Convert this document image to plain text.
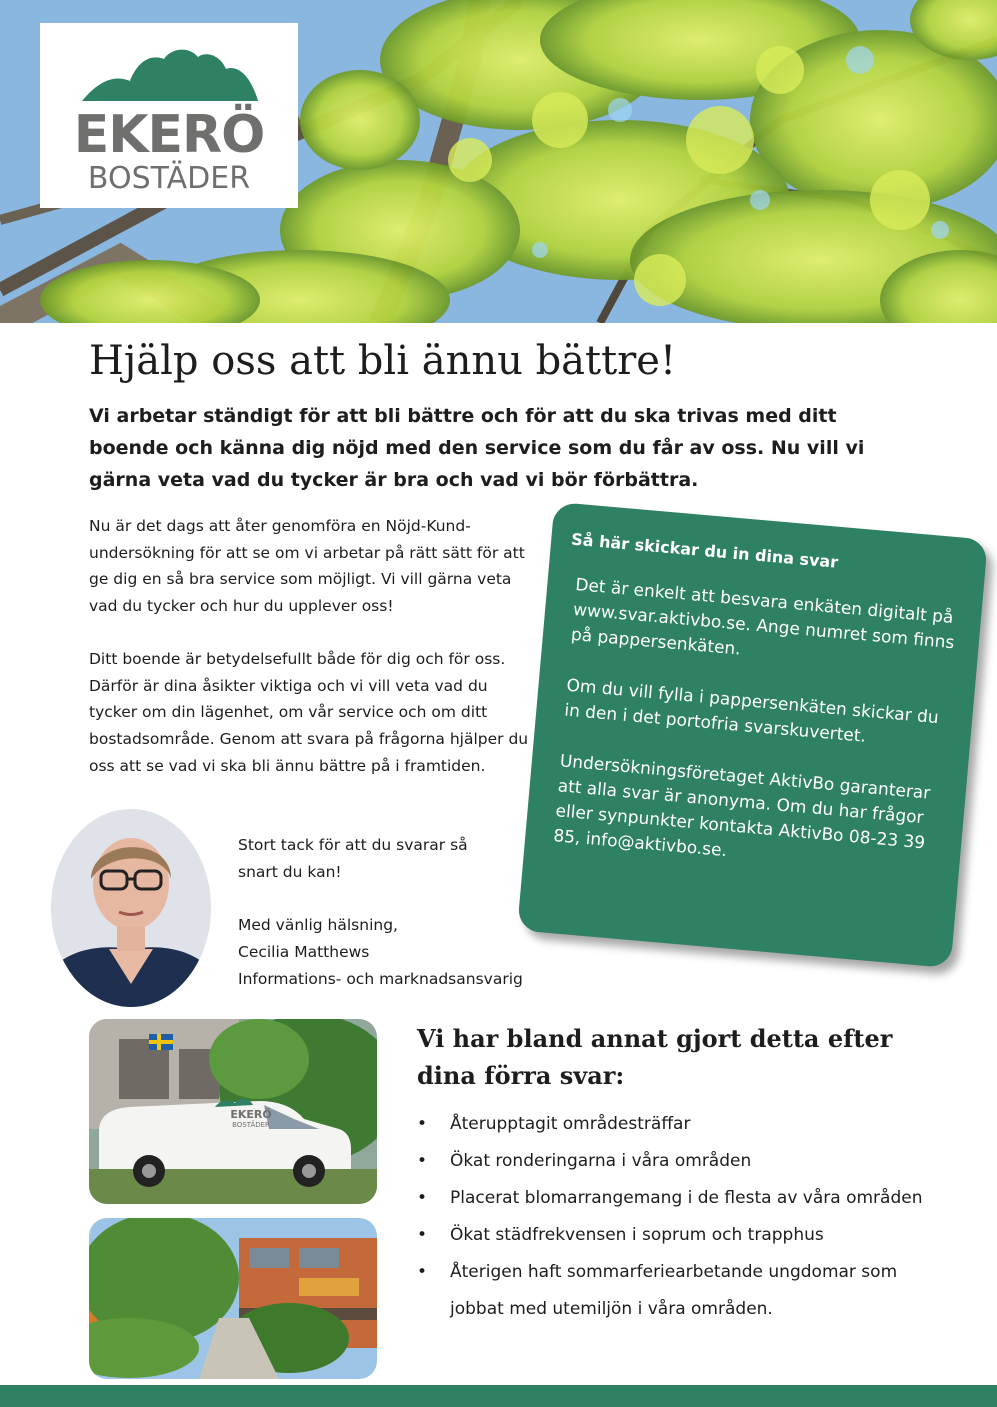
EKERÖ
BOSTÄDER
Hjälp oss att bli ännu bättre!

Vi arbetar ständigt för att bli bättre och för att du ska trivas med ditt boende och känna dig nöjd med den service som du får av oss. Nu vill vi gärna veta vad du tycker är bra och vad vi bör förbättra.

Nu är det dags att åter genomföra en Nöjd-Kund-undersökning för att se om vi arbetar på rätt sätt för att ge dig en så bra service som möjligt. Vi vill gärna veta vad du tycker och hur du upplever oss!

Ditt boende är betydelsefullt både för dig och för oss. Därför är dina åsikter viktiga och vi vill veta vad du tycker om din lägenhet, om vår service och om ditt bostadsområde. Genom att svara på frågorna hjälper du oss att se vad vi ska bli ännu bättre på i framtiden.

Så här skickar du in dina svar

Det är enkelt att besvara enkäten digitalt på www.svar.aktivbo.se. Ange numret som finns på pappersenkäten.

Om du vill fylla i pappersenkäten skickar du in den i det portofria svarskuvertet.

Undersökningsföretaget AktivBo garanterar att alla svar är anonyma. Om du har frågor eller synpunkter kontakta AktivBo 08-23 39 85, info@aktivbo.se.

Stort tack för att du svarar så
snart du kan!

Med vänlig hälsning,
Cecilia Matthews
Informations- och marknadsansvarig

EKERÖ
BOSTÄDER
Vi har bland annat gjort detta efter dina förra svar:
• Återupptagit områdesträffar
• Ökat ronderingarna i våra områden
• Placerat blomarrangemang i de flesta av våra områden
• Ökat städfrekvensen i soprum och trapphus
• Återigen haft sommarferiearbetande ungdomar som jobbat med utemiljön i våra områden.
